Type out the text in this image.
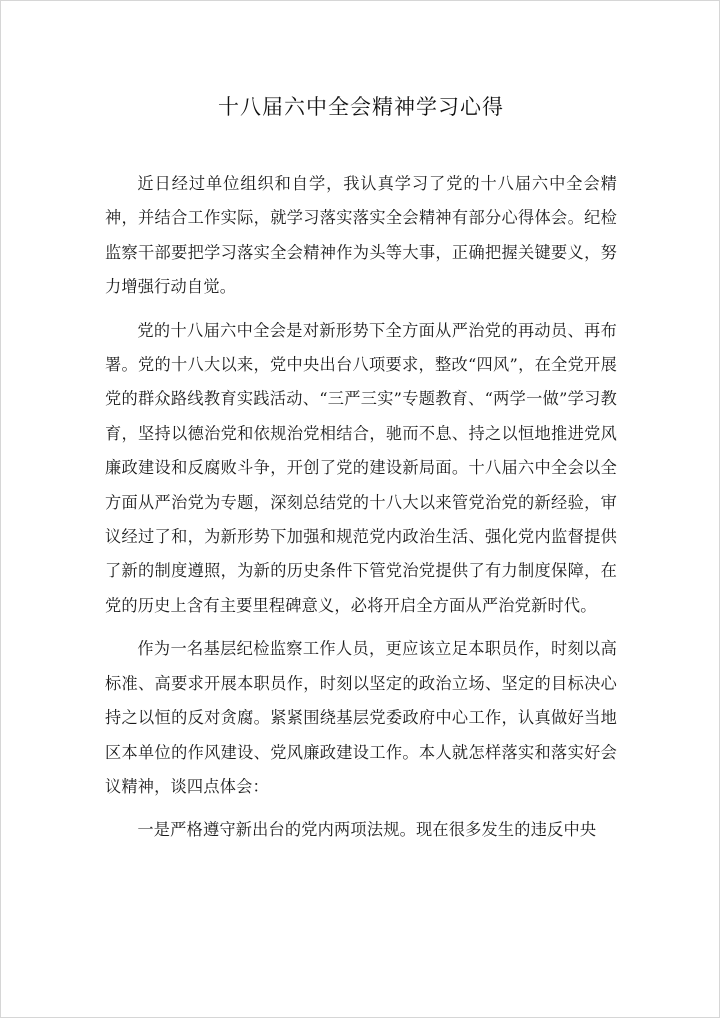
十八届六中全会精神学习心得

近日经过单位组织和自学，我认真学习了党的十八届六中全会精神，并结合工作实际，就学习落实落实全会精神有部分心得体会。纪检监察干部要把学习落实全会精神作为头等大事，正确把握关键要义，努力增强行动自觉。

党的十八届六中全会是对新形势下全方面从严治党的再动员、再布署。党的十八大以来，党中央出台八项要求，整改“四风”，在全党开展党的群众路线教育实践活动、“三严三实”专题教育、“两学一做”学习教育，坚持以德治党和依规治党相结合，驰而不息、持之以恒地推进党风廉政建设和反腐败斗争，开创了党的建设新局面。十八届六中全会以全方面从严治党为专题，深刻总结党的十八大以来管党治党的新经验，审议经过了和，为新形势下加强和规范党内政治生活、强化党内监督提供了新的制度遵照，为新的历史条件下管党治党提供了有力制度保障，在党的历史上含有主要里程碑意义，必将开启全方面从严治党新时代。

作为一名基层纪检监察工作人员，更应该立足本职员作，时刻以高标准、高要求开展本职员作，时刻以坚定的政治立场、坚定的目标决心持之以恒的反对贪腐。紧紧围绕基层党委政府中心工作，认真做好当地区本单位的作风建设、党风廉政建设工作。本人就怎样落实和落实好会议精神，谈四点体会：

一是严格遵守新出台的党内两项法规。现在很多发生的违反中央
